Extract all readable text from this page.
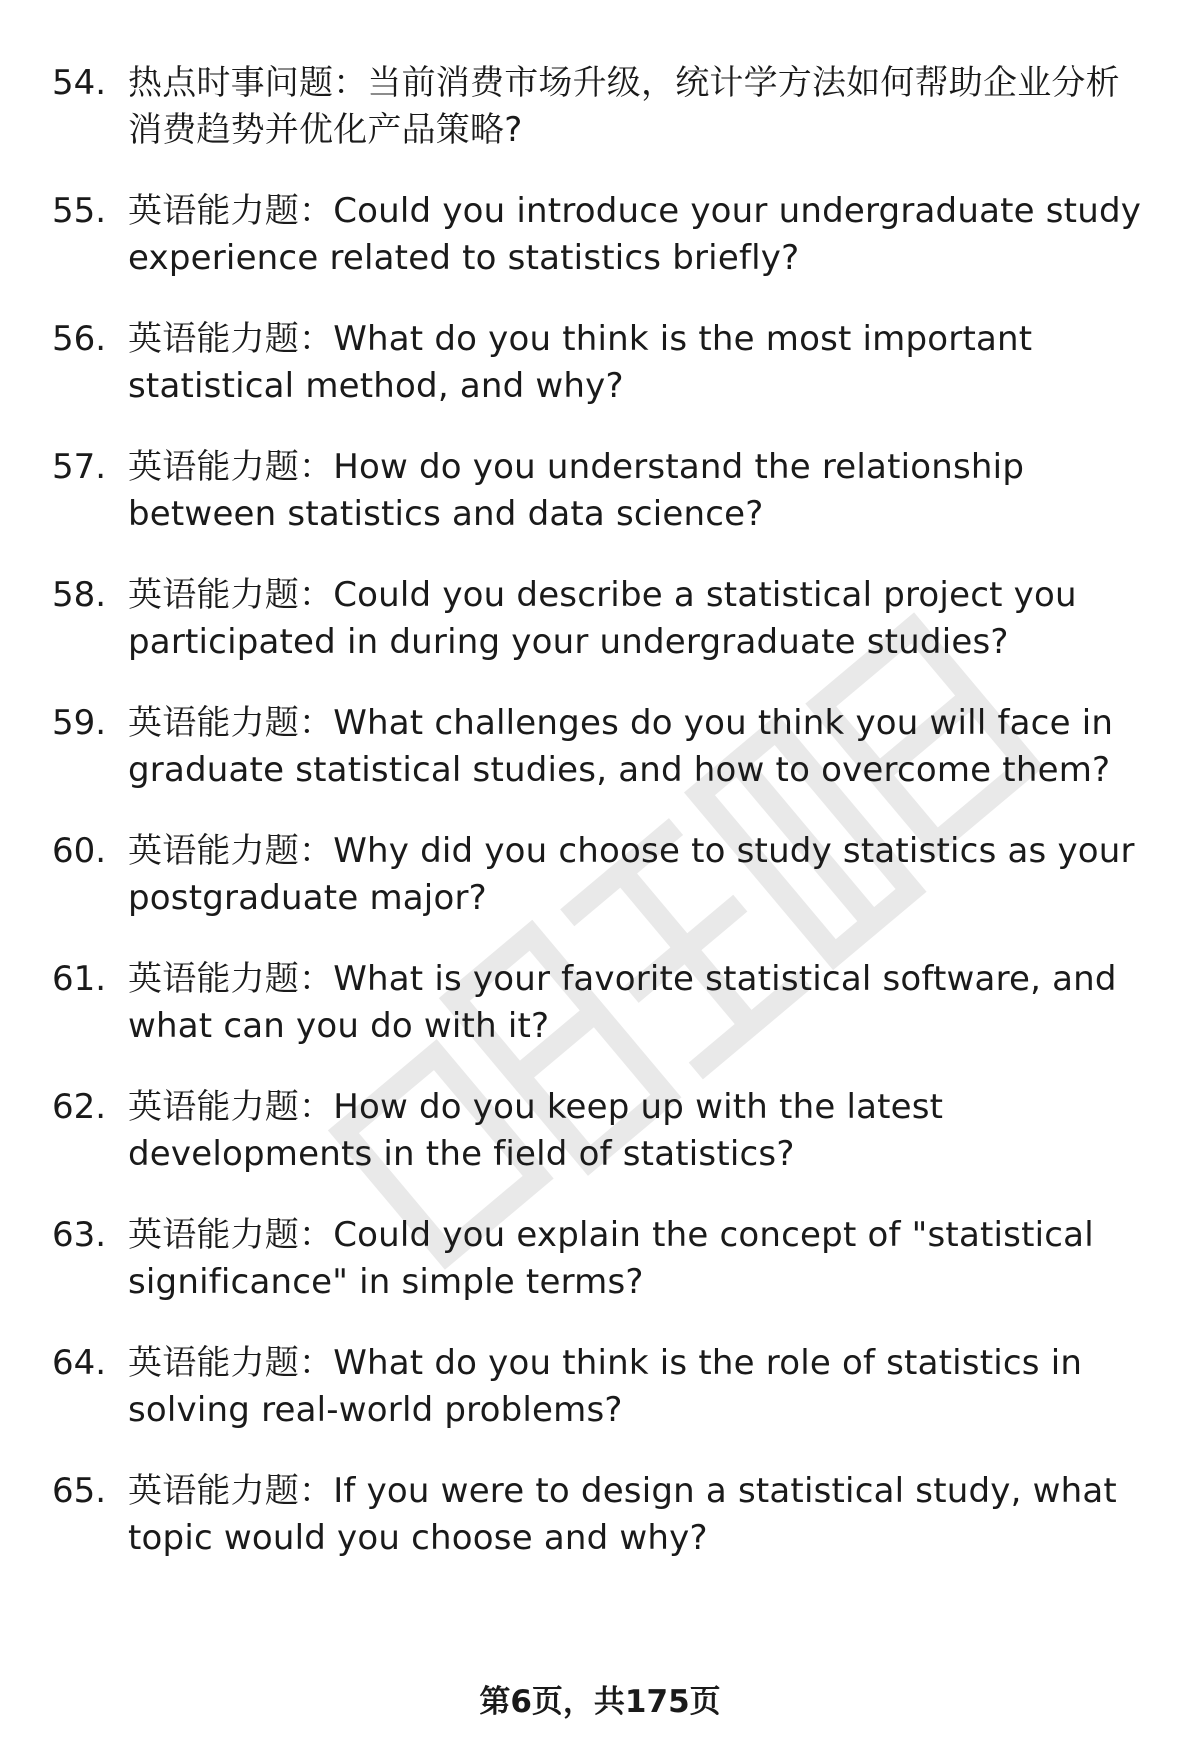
54. 热点时事问题：当前消费市场升级，统计学方法如何帮助企业分析消费趋势并优化产品策略?
55. 英语能力题：Could you introduce your undergraduate study experience related to statistics briefly?
56. 英语能力题：What do you think is the most important statistical method, and why?
57. 英语能力题：How do you understand the relationship between statistics and data science?
58. 英语能力题：Could you describe a statistical project you participated in during your undergraduate studies?
59. 英语能力题：What challenges do you think you will face in graduate statistical studies, and how to overcome them?
60. 英语能力题：Why did you choose to study statistics as your postgraduate major?
61. 英语能力题：What is your favorite statistical software, and what can you do with it?
62. 英语能力题：How do you keep up with the latest developments in the field of statistics?
63. 英语能力题：Could you explain the concept of "statistical significance" in simple terms?
64. 英语能力题：What do you think is the role of statistics in solving real-world problems?
65. 英语能力题：If you were to design a statistical study, what topic would you choose and why?
第6页，共175页
